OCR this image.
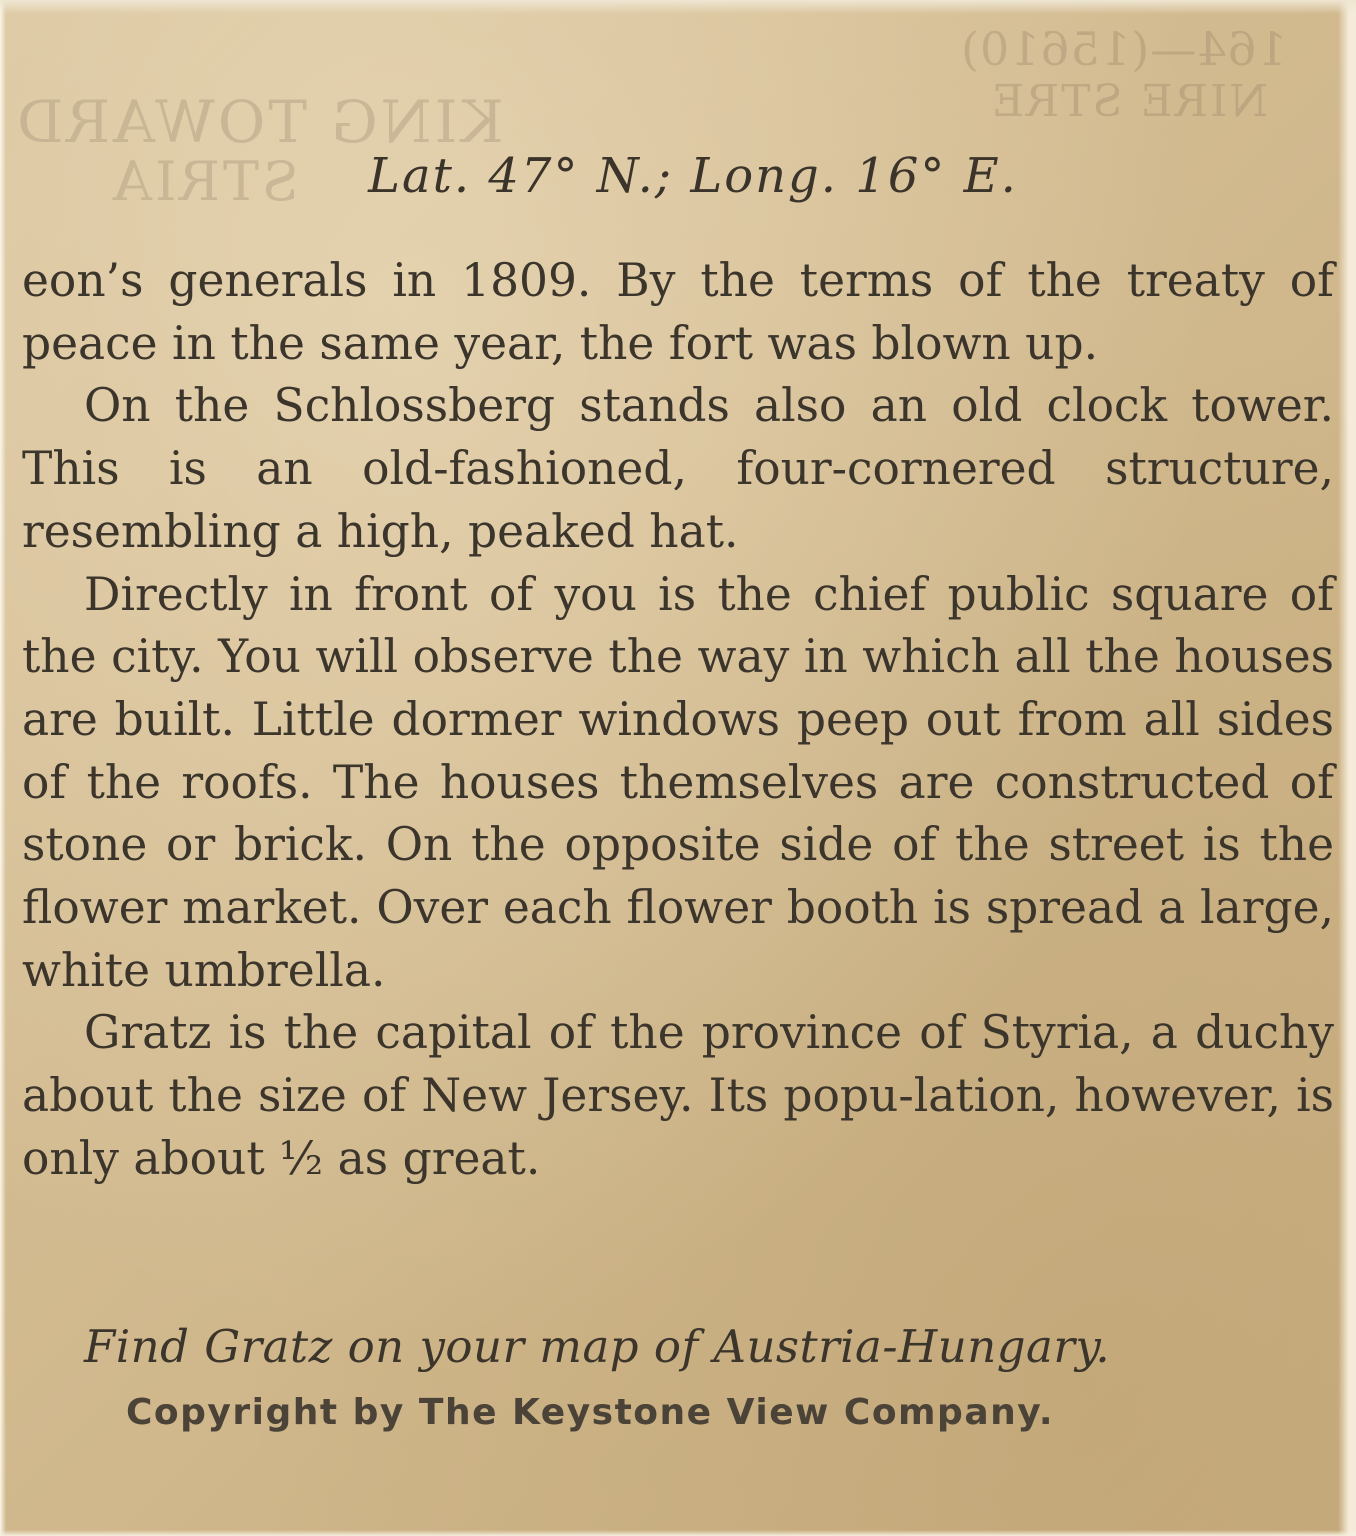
KING TOWARD
STRIA
164—(15610)
NIRE STRE
Lat. 47° N.; Long. 16° E.

eon’s generals in 1809. By the terms of the treaty of peace in the same year, the fort was blown up.

On the Schlossberg stands also an old clock tower. This is an old-fashioned, four-cornered structure, resembling a high, peaked hat.

Directly in front of you is the chief public square of the city. You will observe the way in which all the houses are built. Little dormer windows peep out from all sides of the roofs. The houses themselves are constructed of stone or brick. On the opposite side of the street is the flower market. Over each flower booth is spread a large, white umbrella.

Gratz is the capital of the province of Styria, a duchy about the size of New Jersey. Its popu-lation, however, is only about ½ as great.

Find Gratz on your map of Austria-Hungary.
Copyright by The Keystone View Company.
